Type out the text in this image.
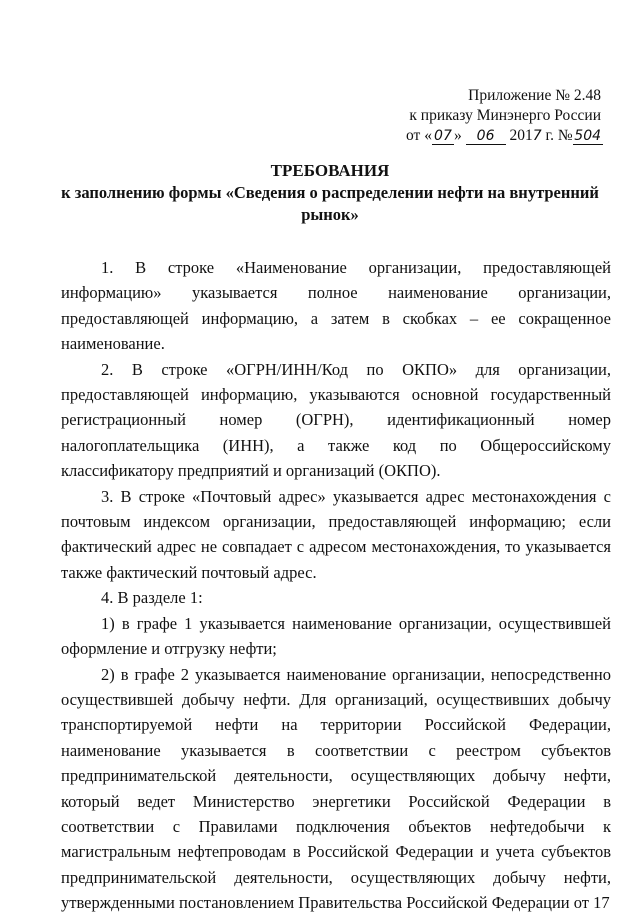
Приложение № 2.48
к приказу Минэнерго России
от « 07 » 06 2017 г. № 504
ТРЕБОВАНИЯ
к заполнению формы «Сведения о распределении нефти на внутренний рынок»

1. В строке «Наименование организации, предоставляющей информацию» указывается полное наименование организации, предоставляющей информацию, а затем в скобках – ее сокращенное наименование.

2. В строке «ОГРН/ИНН/Код по ОКПО» для организации, предоставляющей информацию, указываются основной государственный регистрационный номер (ОГРН), идентификационный номер налогоплательщика (ИНН), а также код по Общероссийскому классификатору предприятий и организаций (ОКПО).

3. В строке «Почтовый адрес» указывается адрес местонахождения с почтовым индексом организации, предоставляющей информацию; если фактический адрес не совпадает с адресом местонахождения, то указывается также фактический почтовый адрес.

4. В разделе 1:

1) в графе 1 указывается наименование организации, осуществившей оформление и отгрузку нефти;

2) в графе 2 указывается наименование организации, непосредственно осуществившей добычу нефти. Для организаций, осуществивших добычу транспортируемой нефти на территории Российской Федерации, наименование указывается в соответствии с реестром субъектов предпринимательской деятельности, осуществляющих добычу нефти, который ведет Министерство энергетики Российской Федерации в соответствии с Правилами подключения объектов нефтедобычи к магистральным нефтепроводам в Российской Федерации и учета субъектов предпринимательской деятельности, осуществляющих добычу нефти, утвержденными постановлением Правительства Российской Федерации от 17
